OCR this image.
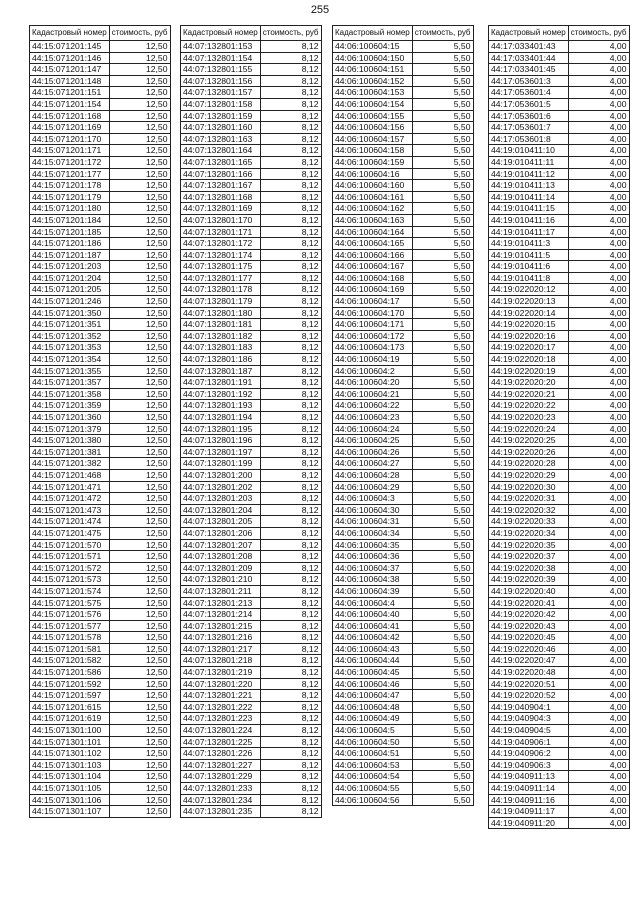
255
Кадастровый номер	стоимость, руб
44:15:071201:145	12,50
44:15:071201:146	12,50
44:15:071201:147	12,50
44:15:071201:148	12,50
44:15:071201:151	12,50
44:15:071201:154	12,50
44:15:071201:168	12,50
44:15:071201:169	12,50
44:15:071201:170	12,50
44:15:071201:171	12,50
44:15:071201:172	12,50
44:15:071201:177	12,50
44:15:071201:178	12,50
44:15:071201:179	12,50
44:15:071201:180	12,50
44:15:071201:184	12,50
44:15:071201:185	12,50
44:15:071201:186	12,50
44:15:071201:187	12,50
44:15:071201:203	12,50
44:15:071201:204	12,50
44:15:071201:205	12,50
44:15:071201:246	12,50
44:15:071201:350	12,50
44:15:071201:351	12,50
44:15:071201:352	12,50
44:15:071201:353	12,50
44:15:071201:354	12,50
44:15:071201:355	12,50
44:15:071201:357	12,50
44:15:071201:358	12,50
44:15:071201:359	12,50
44:15:071201:360	12,50
44:15:071201:379	12,50
44:15:071201:380	12,50
44:15:071201:381	12,50
44:15:071201:382	12,50
44:15:071201:468	12,50
44:15:071201:471	12,50
44:15:071201:472	12,50
44:15:071201:473	12,50
44:15:071201:474	12,50
44:15:071201:475	12,50
44:15:071201:570	12,50
44:15:071201:571	12,50
44:15:071201:572	12,50
44:15:071201:573	12,50
44:15:071201:574	12,50
44:15:071201:575	12,50
44:15:071201:576	12,50
44:15:071201:577	12,50
44:15:071201:578	12,50
44:15:071201:581	12,50
44:15:071201:582	12,50
44:15:071201:586	12,50
44:15:071201:592	12,50
44:15:071201:597	12,50
44:15:071201:615	12,50
44:15:071201:619	12,50
44:15:071301:100	12,50
44:15:071301:101	12,50
44:15:071301:102	12,50
44:15:071301:103	12,50
44:15:071301:104	12,50
44:15:071301:105	12,50
44:15:071301:106	12,50
44:15:071301:107	12,50
Кадастровый номер	стоимость, руб
44:07:132801:153	8,12
44:07:132801:154	8,12
44:07:132801:155	8,12
44:07:132801:156	8,12
44:07:132801:157	8,12
44:07:132801:158	8,12
44:07:132801:159	8,12
44:07:132801:160	8,12
44:07:132801:163	8,12
44:07:132801:164	8,12
44:07:132801:165	8,12
44:07:132801:166	8,12
44:07:132801:167	8,12
44:07:132801:168	8,12
44:07:132801:169	8,12
44:07:132801:170	8,12
44:07:132801:171	8,12
44:07:132801:172	8,12
44:07:132801:174	8,12
44:07:132801:175	8,12
44:07:132801:177	8,12
44:07:132801:178	8,12
44:07:132801:179	8,12
44:07:132801:180	8,12
44:07:132801:181	8,12
44:07:132801:182	8,12
44:07:132801:183	8,12
44:07:132801:186	8,12
44:07:132801:187	8,12
44:07:132801:191	8,12
44:07:132801:192	8,12
44:07:132801:193	8,12
44:07:132801:194	8,12
44:07:132801:195	8,12
44:07:132801:196	8,12
44:07:132801:197	8,12
44:07:132801:199	8,12
44:07:132801:200	8,12
44:07:132801:202	8,12
44:07:132801:203	8,12
44:07:132801:204	8,12
44:07:132801:205	8,12
44:07:132801:206	8,12
44:07:132801:207	8,12
44:07:132801:208	8,12
44:07:132801:209	8,12
44:07:132801:210	8,12
44:07:132801:211	8,12
44:07:132801:213	8,12
44:07:132801:214	8,12
44:07:132801:215	8,12
44:07:132801:216	8,12
44:07:132801:217	8,12
44:07:132801:218	8,12
44:07:132801:219	8,12
44:07:132801:220	8,12
44:07:132801:221	8,12
44:07:132801:222	8,12
44:07:132801:223	8,12
44:07:132801:224	8,12
44:07:132801:225	8,12
44:07:132801:226	8,12
44:07:132801:227	8,12
44:07:132801:229	8,12
44:07:132801:233	8,12
44:07:132801:234	8,12
44:07:132801:235	8,12
Кадастровый номер	стоимость, руб
44:06:100604:15	5,50
44:06:100604:150	5,50
44:06:100604:151	5,50
44:06:100604:152	5,50
44:06:100604:153	5,50
44:06:100604:154	5,50
44:06:100604:155	5,50
44:06:100604:156	5,50
44:06:100604:157	5,50
44:06:100604:158	5,50
44:06:100604:159	5,50
44:06:100604:16	5,50
44:06:100604:160	5,50
44:06:100604:161	5,50
44:06:100604:162	5,50
44:06:100604:163	5,50
44:06:100604:164	5,50
44:06:100604:165	5,50
44:06:100604:166	5,50
44:06:100604:167	5,50
44:06:100604:168	5,50
44:06:100604:169	5,50
44:06:100604:17	5,50
44:06:100604:170	5,50
44:06:100604:171	5,50
44:06:100604:172	5,50
44:06:100604:173	5,50
44:06:100604:19	5,50
44:06:100604:2	5,50
44:06:100604:20	5,50
44:06:100604:21	5,50
44:06:100604:22	5,50
44:06:100604:23	5,50
44:06:100604:24	5,50
44:06:100604:25	5,50
44:06:100604:26	5,50
44:06:100604:27	5,50
44:06:100604:28	5,50
44:06:100604:29	5,50
44:06:100604:3	5,50
44:06:100604:30	5,50
44:06:100604:31	5,50
44:06:100604:34	5,50
44:06:100604:35	5,50
44:06:100604:36	5,50
44:06:100604:37	5,50
44:06:100604:38	5,50
44:06:100604:39	5,50
44:06:100604:4	5,50
44:06:100604:40	5,50
44:06:100604:41	5,50
44:06:100604:42	5,50
44:06:100604:43	5,50
44:06:100604:44	5,50
44:06:100604:45	5,50
44:06:100604:46	5,50
44:06:100604:47	5,50
44:06:100604:48	5,50
44:06:100604:49	5,50
44:06:100604:5	5,50
44:06:100604:50	5,50
44:06:100604:51	5,50
44:06:100604:53	5,50
44:06:100604:54	5,50
44:06:100604:55	5,50
44:06:100604:56	5,50
Кадастровый номер	стоимость, руб
44:17:033401:43	4,00
44:17:033401:44	4,00
44:17:033401:45	4,00
44:17:053601:3	4,00
44:17:053601:4	4,00
44:17:053601:5	4,00
44:17:053601:6	4,00
44:17:053601:7	4,00
44:17:053601:8	4,00
44:19:010411:10	4,00
44:19:010411:11	4,00
44:19:010411:12	4,00
44:19:010411:13	4,00
44:19:010411:14	4,00
44:19:010411:15	4,00
44:19:010411:16	4,00
44:19:010411:17	4,00
44:19:010411:3	4,00
44:19:010411:5	4,00
44:19:010411:6	4,00
44:19:010411:8	4,00
44:19:022020:12	4,00
44:19:022020:13	4,00
44:19:022020:14	4,00
44:19:022020:15	4,00
44:19:022020:16	4,00
44:19:022020:17	4,00
44:19:022020:18	4,00
44:19:022020:19	4,00
44:19:022020:20	4,00
44:19:022020:21	4,00
44:19:022020:22	4,00
44:19:022020:23	4,00
44:19:022020:24	4,00
44:19:022020:25	4,00
44:19:022020:26	4,00
44:19:022020:28	4,00
44:19:022020:29	4,00
44:19:022020:30	4,00
44:19:022020:31	4,00
44:19:022020:32	4,00
44:19:022020:33	4,00
44:19:022020:34	4,00
44:19:022020:35	4,00
44:19:022020:37	4,00
44:19:022020:38	4,00
44:19:022020:39	4,00
44:19:022020:40	4,00
44:19:022020:41	4,00
44:19:022020:42	4,00
44:19:022020:43	4,00
44:19:022020:45	4,00
44:19:022020:46	4,00
44:19:022020:47	4,00
44:19:022020:48	4,00
44:19:022020:51	4,00
44:19:022020:52	4,00
44:19:040904:1	4,00
44:19:040904:3	4,00
44:19:040904:5	4,00
44:19:040906:1	4,00
44:19:040906:2	4,00
44:19:040906:3	4,00
44:19:040911:13	4,00
44:19:040911:14	4,00
44:19:040911:16	4,00
44:19:040911:17	4,00
44:19:040911:20	4,00
